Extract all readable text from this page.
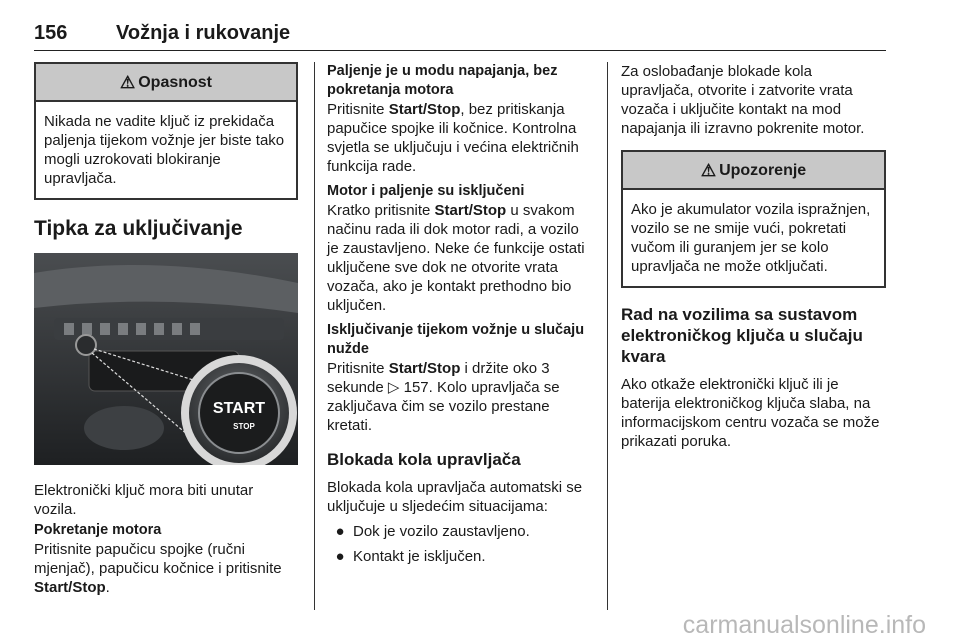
156 Vožnja i rukovanje
⚠ Opasnost

Nikada ne vadite ključ iz prekidača paljenja tijekom vožnje jer biste tako mogli uzrokovati blokiranje upravljača.

Tipka za uključivanje
START
STOP

Elektronički ključ mora biti unutar vozila.

Pokretanje motora

Pritisnite papučicu spojke (ručni mjenjač), papučicu kočnice i pritisnite Start/Stop.

Paljenje je u modu napajanja, bez pokretanja motora

Pritisnite Start/Stop, bez pritiskanja papučice spojke ili kočnice. Kontrolna svjetla se uključuju i većina električnih funkcija rade.

Motor i paljenje su isključeni

Kratko pritisnite Start/Stop u svakom načinu rada ili dok motor radi, a vozilo je zaustavljeno. Neke će funkcije ostati uključene sve dok ne otvorite vrata vozača, ako je kontakt prethodno bio uključen.

Isključivanje tijekom vožnje u slučaju nužde

Pritisnite Start/Stop i držite oko 3 sekunde ▷ 157. Kolo upravljača se zaključava čim se vozilo prestane kretati.

Blokada kola upravljača

Blokada kola upravljača automatski se uključuje u sljedećim situacijama:

● Dok je vozilo zaustavljeno.
● Kontakt je isključen.

Za oslobađanje blokade kola upravljača, otvorite i zatvorite vrata vozača i uključite kontakt na mod napajanja ili izravno pokrenite motor.

⚠ Upozorenje

Ako je akumulator vozila ispražnjen, vozilo se ne smije vući, pokretati vučom ili guranjem jer se kolo upravljača ne može otključati.

Rad na vozilima sa sustavom elektroničkog ključa u slučaju kvara

Ako otkaže elektronički ključ ili je baterija elektroničkog ključa slaba, na informacijskom centru vozača se može prikazati poruka.

carmanualsonline.info
